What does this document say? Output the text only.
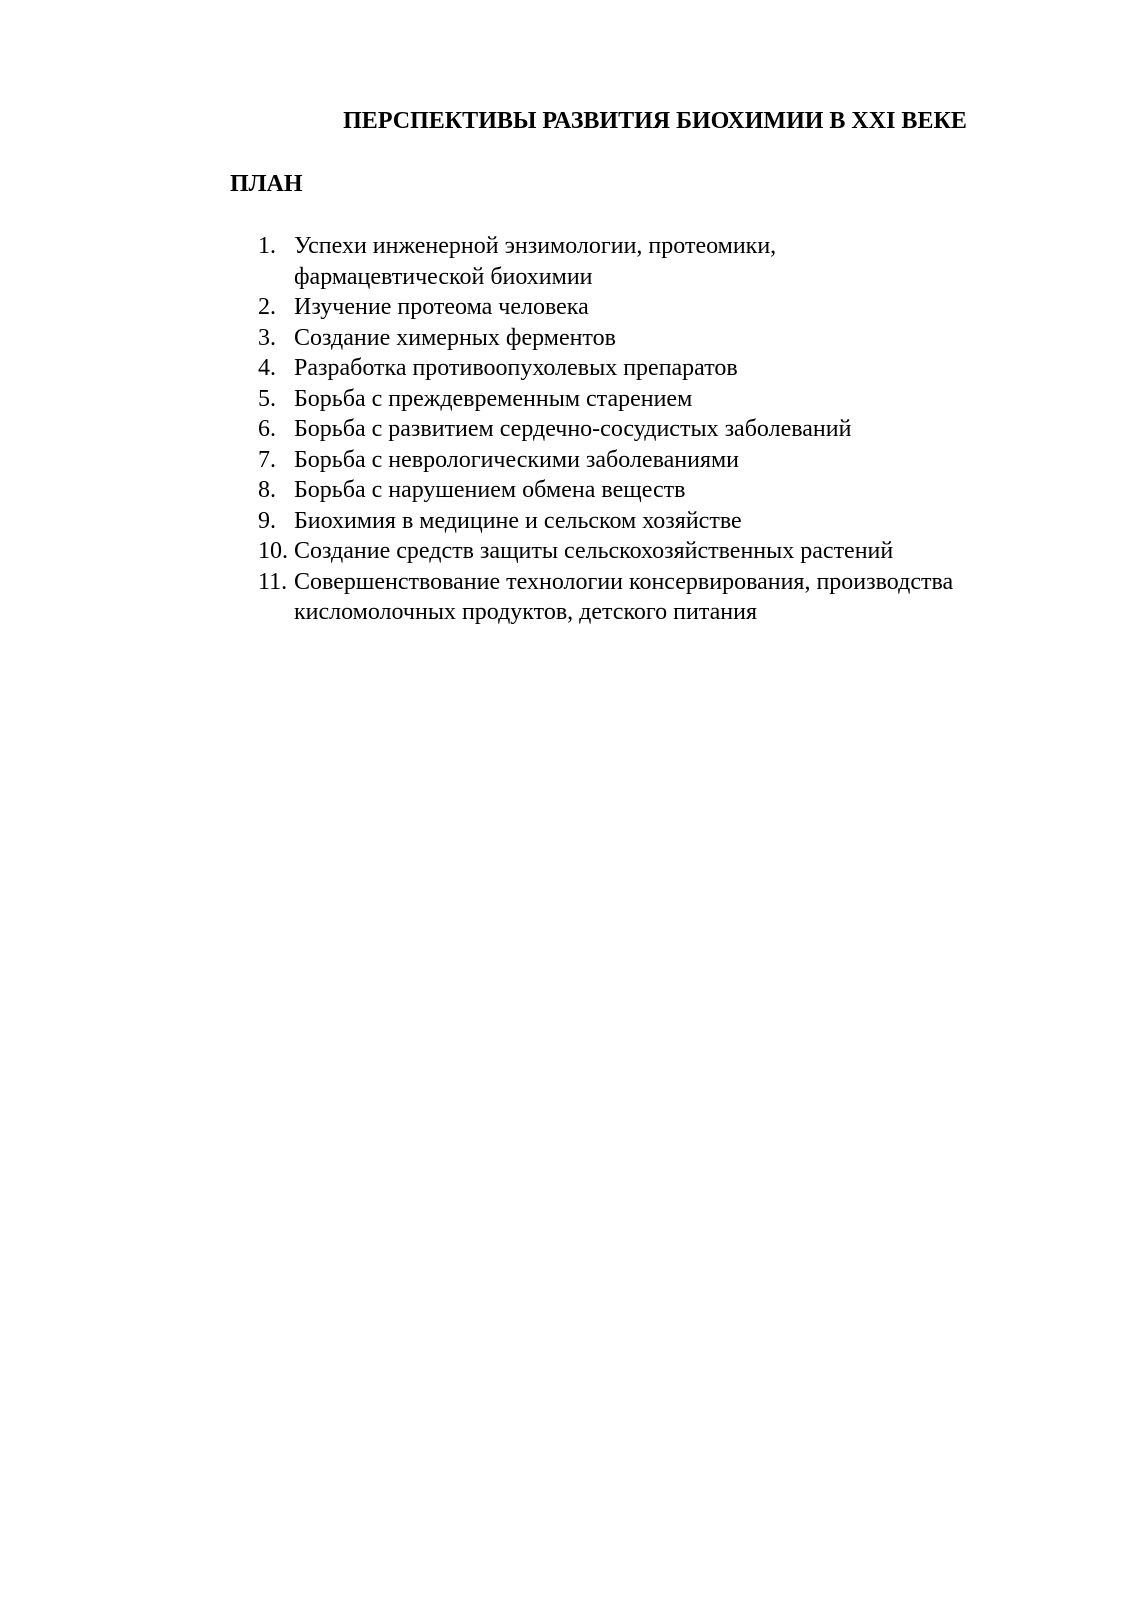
ПЕРСПЕКТИВЫ РАЗВИТИЯ БИОХИМИИ В XXI ВЕКЕ
ПЛАН
1. Успехи инженерной энзимологии, протеомики,
фармацевтической биохимии
2. Изучение протеома человека
3. Создание химерных ферментов
4. Разработка противоопухолевых препаратов
5. Борьба с преждевременным старением
6. Борьба с развитием сердечно-сосудистых заболеваний
7. Борьба с неврологическими заболеваниями
8. Борьба с нарушением обмена веществ
9. Биохимия в медицине и сельском хозяйстве
10. Создание средств защиты сельскохозяйственных растений
11. Совершенствование технологии консервирования, производства
кисломолочных продуктов, детского питания
